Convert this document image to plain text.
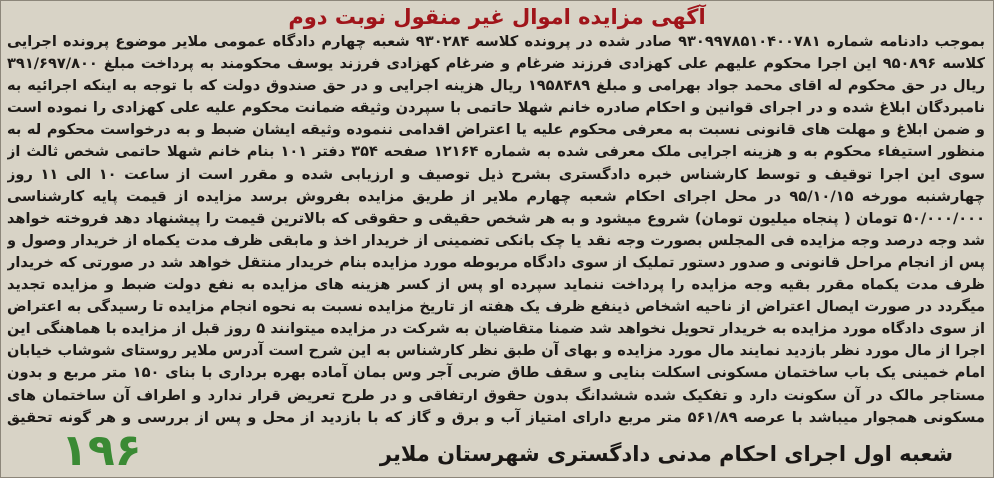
آگهی مزایده اموال غیر منقول نوبت دوم
بموجب دادنامه شماره ۹۳۰۹۹۷۸۵۱۰۴۰۰۷۸۱ صادر شده در پرونده کلاسه ۹۳۰۲۸۴ شعبه چهارم دادگاه عمومی ملایر موضوع پرونده اجرایی کلاسه ۹۵۰۸۹۶ این اجرا محکوم علیهم علی کهزادی فرزند ضرغام و ضرغام کهزادی فرزند یوسف محکومند به پرداخت مبلغ ۳۹۱/۶۹۷/۸۰۰ ریال در حق محکوم له اقای محمد جواد بهرامی و مبلغ ۱۹۵۸۴۸۹ ریال هزینه اجرایی و در حق صندوق دولت که با توجه به اینکه اجرائیه به نامبردگان ابلاغ شده و در اجرای قوانین و احکام صادره خانم شهلا حاتمی با سپردن وثیقه ضمانت محکوم علیه علی کهزادی را نموده است و ضمن ابلاغ و مهلت های قانونی نسبت به معرفی محکوم علیه یا اعتراض اقدامی ننموده وثیقه ایشان ضبط و به درخواست محکوم له به منظور استیفاء محکوم به و هزینه اجرایی ملک معرفی شده به شماره ۱۲۱۶۴ صفحه ۳۵۴ دفتر ۱۰۱ بنام خانم شهلا حاتمی شخص ثالث از سوی این اجرا توقیف و توسط کارشناس خبره دادگستری بشرح ذیل توصیف و ارزیابی شده و مقرر است از ساعت ۱۰ الی ۱۱ روز چهارشنبه مورخه ۹۵/۱۰/۱۵ در محل اجرای احکام شعبه چهارم ملایر از طریق مزایده بفروش برسد مزایده از قیمت پایه کارشناسی ۵۰/۰۰۰/۰۰۰ تومان ( پنجاه میلیون تومان) شروع میشود و به هر شخص حقیقی و حقوقی که بالاترین قیمت را پیشنهاد دهد فروخته خواهد شد وجه درصد وجه مزایده فی المجلس بصورت وجه نقد یا چک بانکی تضمینی از خریدار اخذ و مابقی ظرف مدت یکماه از خریدار وصول و پس از انجام مراحل قانونی و صدور دستور تملیک از سوی دادگاه مربوطه مورد مزایده بنام خریدار منتقل خواهد شد در صورتی که خریدار ظرف مدت یکماه مقرر بقیه وجه مزایده را پرداخت ننماید سپرده او پس از کسر هزینه های مزایده به نفع دولت ضبط و مزایده تجدید میگردد در صورت ایصال اعتراض از ناحیه اشخاص ذینفع ظرف یک هفته از تاریخ مزایده نسبت به نحوه انجام مزایده تا رسیدگی به اعتراض از سوی دادگاه مورد مزایده به خریدار تحویل نخواهد شد ضمنا متقاضیان به شرکت در مزایده میتوانند ۵ روز قبل از مزایده با هماهنگی این اجرا از مال مورد نظر بازدید نمایند مال مورد مزایده و بهای آن طبق نظر کارشناس به این شرح است آدرس ملایر روستای شوشاب خیابان امام خمینی یک باب ساختمان مسکونی اسکلت بنایی و سقف طاق ضربی آجر وس بمان آماده بهره برداری با بنای ۱۵۰ متر مربع و بدون مستاجر مالک در آن سکونت دارد و تفکیک شده ششدانگ بدون حقوق ارتفاقی و در طرح تعریض قرار ندارد و اطراف آن ساختمان های مسکونی همجوار میباشد با عرصه ۵۶۱/۸۹ متر مربع دارای امتیاز آب و برق و گاز که با بازدید از محل و پس از بررسی و هر گونه تحقیق
شعبه اول اجرای احکام مدنی دادگستری شهرستان ملایر
۱۹۶
